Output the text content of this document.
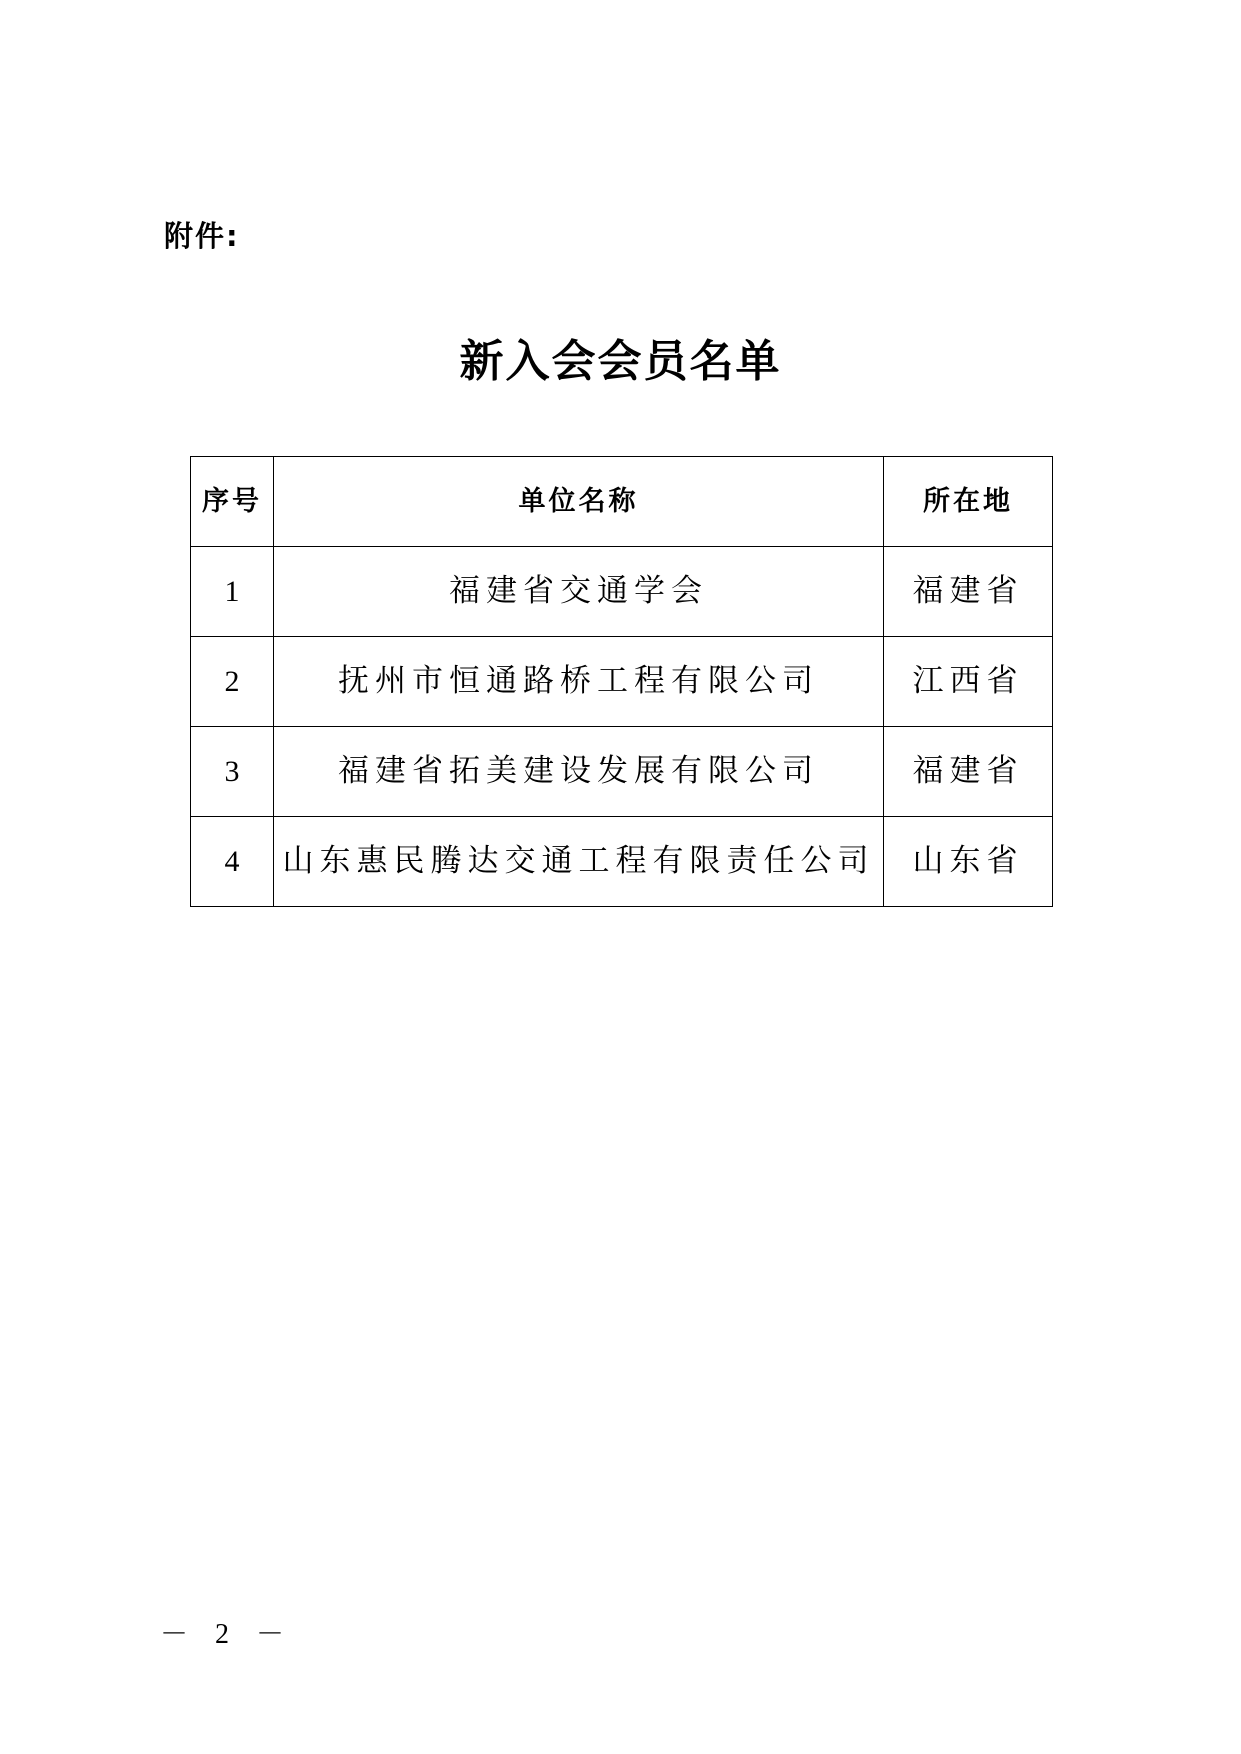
附件:
新入会会员名单
序号	单位名称	所在地
1	福建省交通学会	福建省
2	抚州市恒通路桥工程有限公司	江西省
3	福建省拓美建设发展有限公司	福建省
4	山东惠民腾达交通工程有限责任公司	山东省
－ 2 －
